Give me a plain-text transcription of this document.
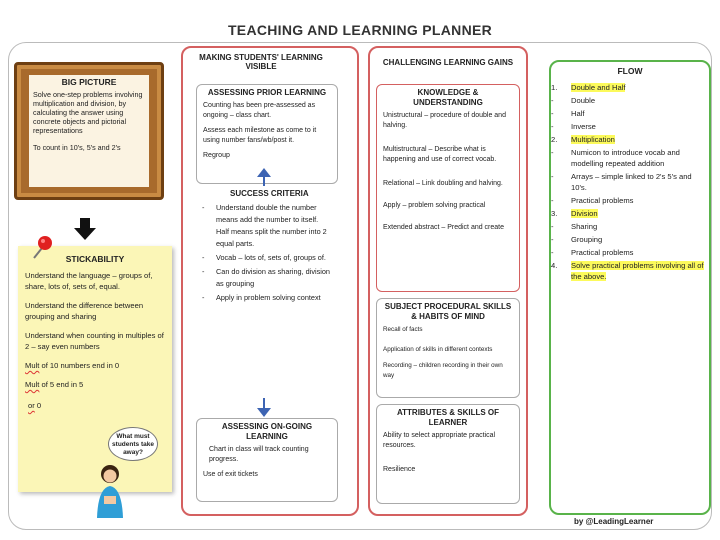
TEACHING AND LEARNING PLANNER
BIG PICTURE

Solve one-step problems involving multiplication and division, by calculating the answer using concrete objects and pictorial representations

To count in 10's, 5's and 2's

STICKABILITY

Understand the language – groups of, share, lots of, sets of, equal.

Understand the difference between grouping and sharing

Understand when counting in multiples of 2 – say even numbers

Mult of 10 numbers end in 0

Mult of 5 end in 5

or 0

What must students take away?
MAKING STUDENTS' LEARNING VISIBLE
ASSESSING PRIOR LEARNING

Counting has been pre-assessed as ongoing – class chart.

Assess each milestone as come to it using number fans/wb/post it.

Regroup

SUCCESS CRITERIA
- Understand double the number means add the number to itself. Half means split the number into 2 equal parts.
- Vocab – lots of, sets of, groups of.
- Can do division as sharing, division as grouping
- Apply in problem solving context
ASSESSING ON-GOING LEARNING

Chart in class will track counting progress.

Use of exit tickets

CHALLENGING LEARNING GAINS
KNOWLEDGE & UNDERSTANDING

Unistructural – procedure of double and halving.

Multistructural – Describe what is happening and use of correct vocab.

Relational – Link doubling and halving.

Apply – problem solving practical

Extended abstract – Predict and create

SUBJECT PROCEDURAL SKILLS & HABITS OF MIND

Recall of facts

Application of skills in different contexts

Recording – children recording in their own way

ATTRIBUTES & SKILLS OF LEARNER

Ability to select appropriate practical resources.

Resilience

FLOW
1.	Double and Half
-	Double
-	Half
-	Inverse
2.	Multiplication
-	Numicon to introduce vocab and modelling repeated addition
-	Arrays – simple linked to 2's 5's and 10's.
-	Practical problems
3.	Division
-	Sharing
-	Grouping
-	Practical problems
4.	Solve practical problems involving all of the above.
by @LeadingLearner
